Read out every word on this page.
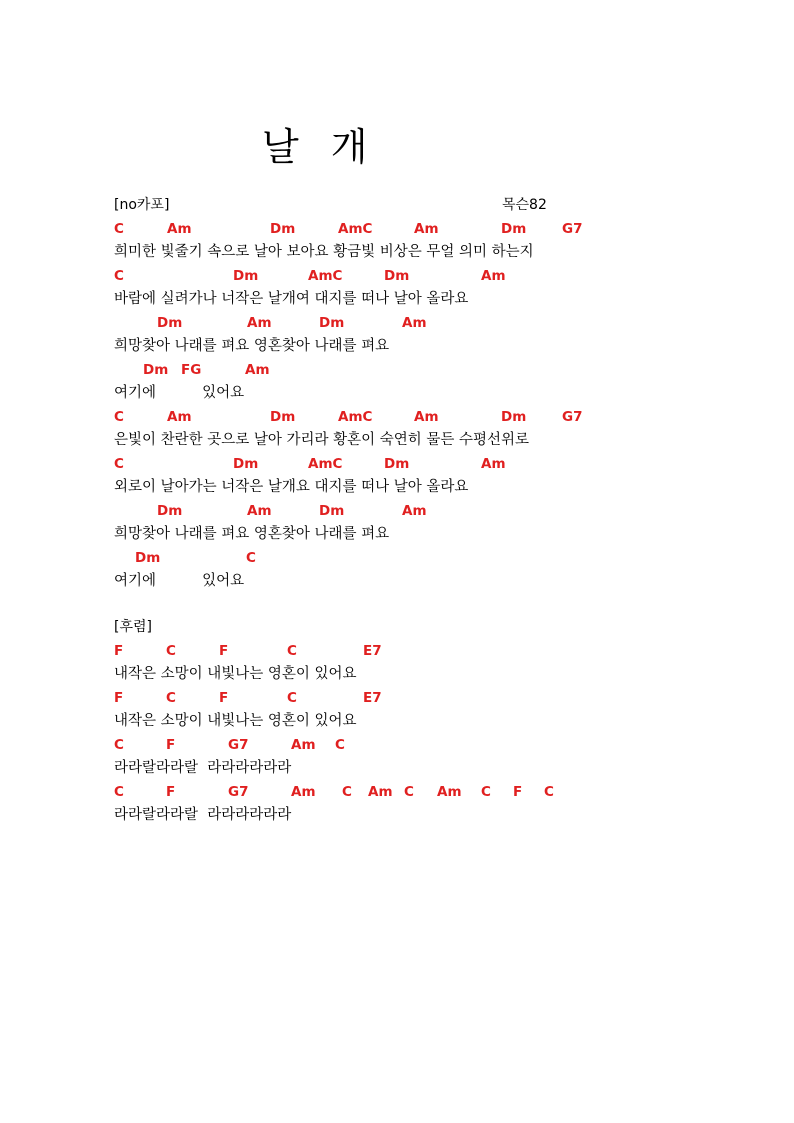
날 개
[no카포]	목슨82
C	Am	Dm	AmC	Am	Dm	G7
희미한 빛줄기 속으로 날아 보아요 황금빛 비상은 무얼 의미 하는지
C	Dm	AmC	Dm	Am
바람에 실려가나 너작은 날개여 대지를 떠나 날아 올라요
Dm	Am	Dm	Am
희망찾아 나래를 펴요 영혼찾아 나래를 펴요
Dm FG	Am
여기에          있어요
C	Am	Dm	AmC	Am	Dm	G7
은빛이 찬란한 곳으로 날아 가리라 황혼이 숙연히 물든 수평선위로
C	Dm	AmC	Dm	Am
외로이 날아가는 너작은 날개요 대지를 떠나 날아 올라요
Dm	Am	Dm	Am
희망찾아 나래를 펴요 영혼찾아 나래를 펴요
Dm	C
여기에          있어요
[후렴]
F	C	F	C	E7
내작은 소망이 내빛나는 영혼이 있어요
F	C	F	C	E7
내작은 소망이 내빛나는 영혼이 있어요
C	F	G7	Am C
라라랄라라랄  라라라라라라
C	F	G7	Am C Am C Am C F C
라라랄라라랄  라라라라라라
